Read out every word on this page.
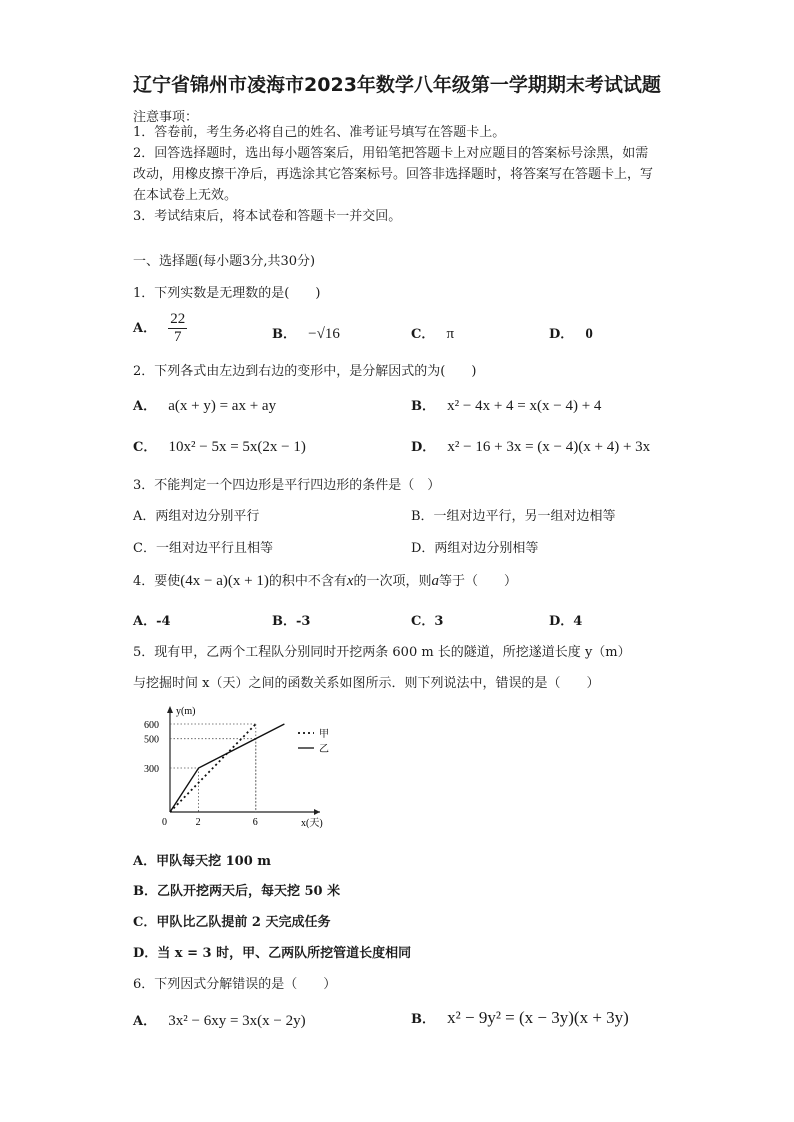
辽宁省锦州市凌海市2023年数学八年级第一学期期末考试试题
注意事项：
1．答卷前，考生务必将自己的姓名、准考证号填写在答题卡上。
2．回答选择题时，选出每小题答案后，用铅笔把答题卡上对应题目的答案标号涂黑，如需改动，用橡皮擦干净后，再选涂其它答案标号。回答非选择题时，将答案写在答题卡上，写在本试卷上无效。
3．考试结束后，将本试卷和答题卡一并交回。
一、选择题(每小题3分,共30分)
1．下列实数是无理数的是(　　)
A． $\frac{22}{7}$	B． −√16	C． π	D． 0
2．下列各式由左边到右边的变形中，是分解因式的为(　　)
A． a(x + y) = ax + ay	B． x² − 4x + 4 = x(x − 4) + 4
C． 10x² − 5x = 5x(2x − 1)	D． x² − 16 + 3x = (x − 4)(x + 4) + 3x
3．不能判定一个四边形是平行四边形的条件是（　）
A．两组对边分别平行	B．一组对边平行，另一组对边相等
C．一组对边平行且相等	D．两组对边分别相等
4．要使(4x − a)(x + 1)的积中不含有x的一次项，则a等于（　　）
A．-4	B．-3	C．3	D．4
5．现有甲，乙两个工程队分别同时开挖两条 600 m 长的隧道，所挖遂道长度 y（m）
与挖掘时间 x（天）之间的函数关系如图所示．则下列说法中，错误的是（　　）
y(m)
x(天)
0	2	6
300
500
600
甲
乙
A．甲队每天挖 100 m
B．乙队开挖两天后，每天挖 50 米
C．甲队比乙队提前 2 天完成任务
D．当 x = 3 时，甲、乙两队所挖管道长度相同
6．下列因式分解错误的是（　　）
A． 3x² − 6xy = 3x(x − 2y)	B． x² − 9y² = (x − 3y)(x + 3y)
